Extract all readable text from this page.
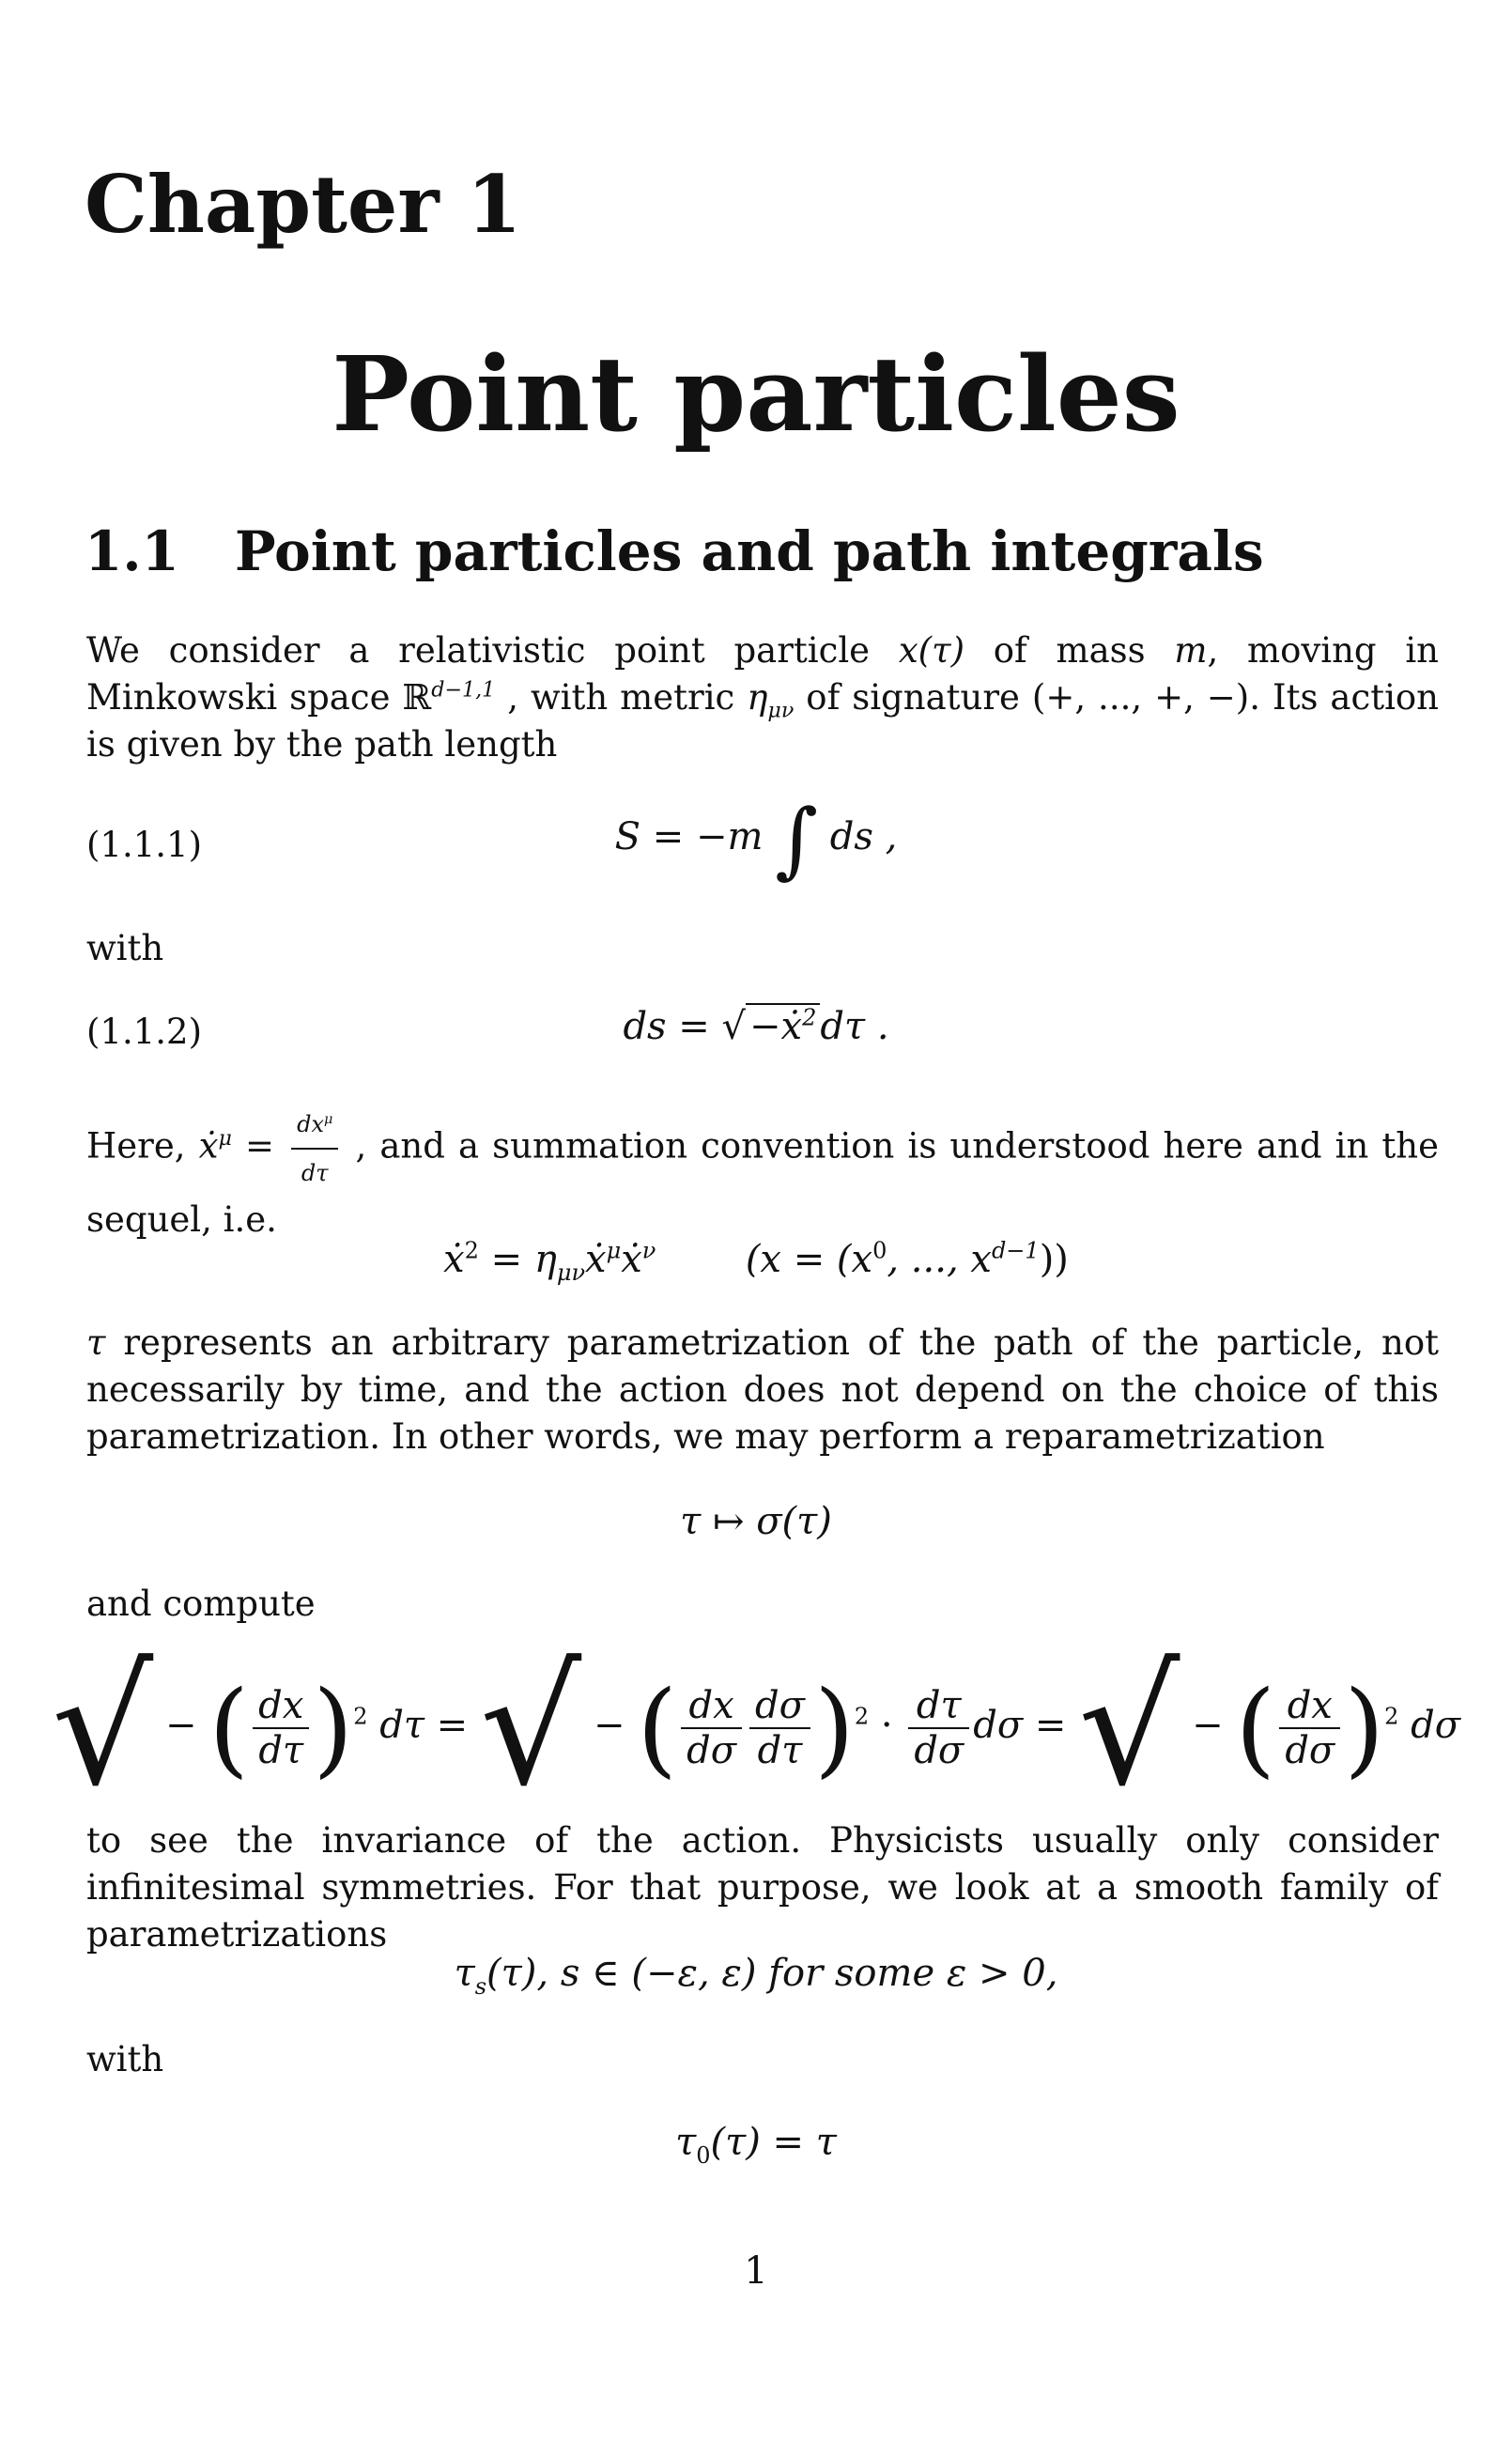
Chapter 1
Point particles
1.1 Point particles and path integrals
We consider a relativistic point particle x(τ) of mass m, moving in Minkowski space ℝ$^{d-1,1}$ , with metric $\eta_{\mu\nu}$ of signature (+, ..., +, −). Its action is given by the path length
(1.1.1)	S = −m ∫ ds ,
with
(1.1.2)	ds = √ −ẋ$^2$ dτ .
Here, ẋ$^\mu$ = $\frac{dx^\mu}{d\tau}$ , and a summation convention is understood here and in the sequel, i.e.
ẋ$^2$ = $\eta_{\mu\nu}ẋ^\mu ẋ^\nu$ ($x = (x^0$, ..., $x^{d-1}$))
τ represents an arbitrary parametrization of the path of the particle, not necessarily by time, and the action does not depend on the choice of this parametrization. In other words, we may perform a reparametrization
τ ↦ σ(τ)
and compute
√ − ( $\frac{dx}{d\tau} )^2$ dτ = √ − ( $\frac{dx}{d\sigma} \frac{d\sigma}{d\tau} )^2 \cdot \frac{d\tau}{d\sigma}$ dσ = √ − ( $\frac{dx}{d\sigma} )^2$ dσ
to see the invariance of the action. Physicists usually only consider infinitesimal symmetries. For that purpose, we look at a smooth family of parametrizations
$\tau_s(\tau)$, s ∈ (−ε, ε) for some ε > 0,
with
$\tau_0(\tau) = \tau$
1
